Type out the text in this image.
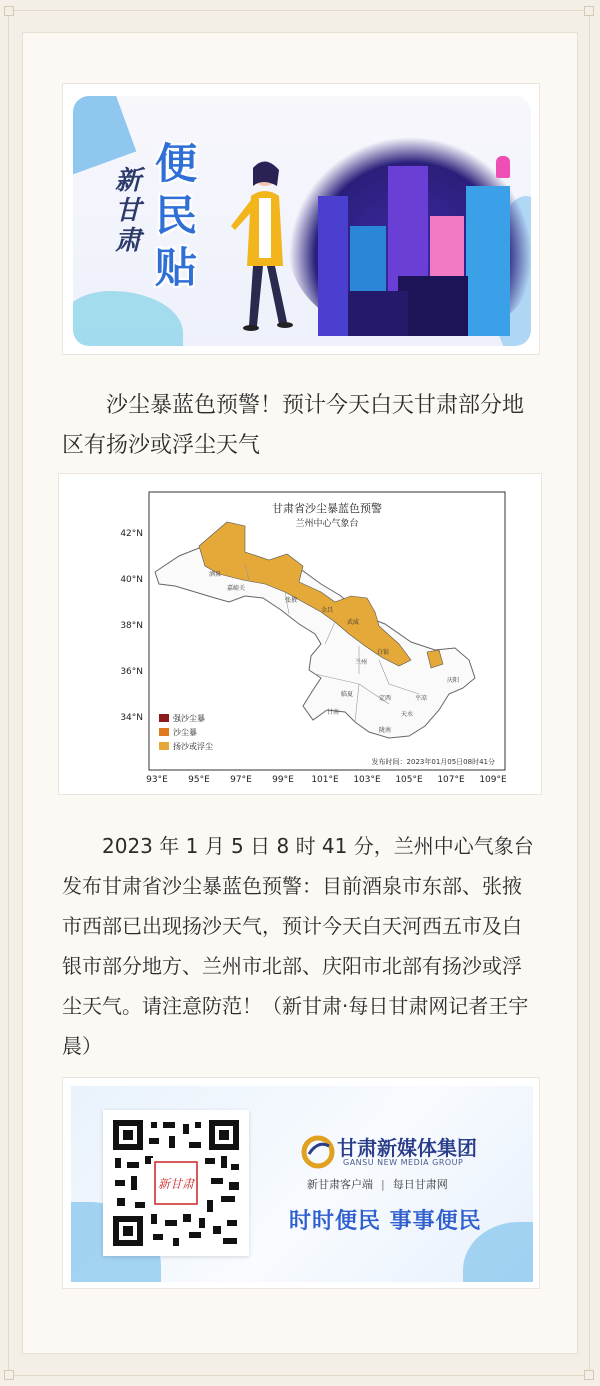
新甘肃
便民贴

沙尘暴蓝色预警！预计今天白天甘肃部分地区有扬沙或浮尘天气

甘肃省沙尘暴蓝色预警
兰州中心气象台
42°N
40°N
38°N
36°N
34°N
93°E 95°E 97°E 99°E 101°E 103°E 105°E 107°E 109°E
酒泉
嘉峪关
张掖
金昌
武威
白银
兰州
庆阳
平凉
定西
天水
陇南
甘南
临夏
强沙尘暴
沙尘暴
扬沙或浮尘
发布时间：2023年01月05日08时41分

2023 年 1 月 5 日 8 时 41 分，兰州中心气象台发布甘肃省沙尘暴蓝色预警：目前酒泉市东部、张掖市西部已出现扬沙天气，预计今天白天河西五市及白银市部分地方、兰州市北部、庆阳市北部有扬沙或浮尘天气。请注意防范！（新甘肃·每日甘肃网记者王宇晨）

新甘肃
甘肃新媒体集团
GANSU NEW MEDIA GROUP
新甘肃客户端 | 每日甘肃网
时时便民 事事便民
